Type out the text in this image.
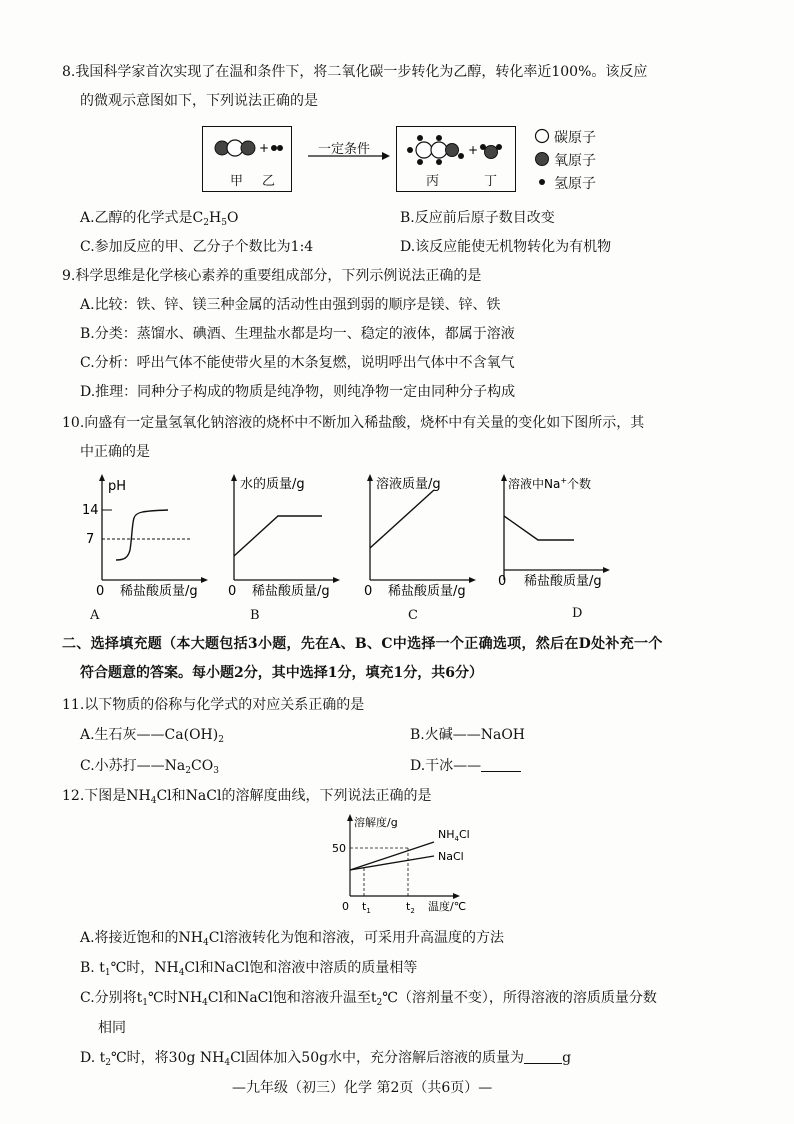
8.我国科学家首次实现了在温和条件下，将二氧化碳一步转化为乙醇，转化率近100%。该反应
的微观示意图如下，下列说法正确的是
+
甲 乙
一定条件	+
丙	丁
碳原子
氧原子
氢原子
A.乙醇的化学式是$C_2H_5O$	B.反应前后原子数目改变
C.参加反应的甲、乙分子个数比为1:4	D.该反应能使无机物转化为有机物
9.科学思维是化学核心素养的重要组成部分，下列示例说法正确的是
A.比较：铁、锌、镁三种金属的活动性由强到弱的顺序是镁、锌、铁
B.分类：蒸馏水、碘酒、生理盐水都是均一、稳定的液体，都属于溶液
C.分析：呼出气体不能使带火星的木条复燃，说明呼出气体中不含氧气
D.推理：同种分子构成的物质是纯净物，则纯净物一定由同种分子构成
10.向盛有一定量氢氧化钠溶液的烧杯中不断加入稀盐酸，烧杯中有关量的变化如下图所示，其
中正确的是
pH
14
7
0 稀盐酸质量/g
A
水的质量/g
0 稀盐酸质量/g
B
溶液质量/g
0 稀盐酸质量/g
C
溶液中Na+个数
0 稀盐酸质量/g
D
二、选择填充题（本大题包括3小题，先在A、B、C中选择一个正确选项，然后在D处补充一个
符合题意的答案。每小题2分，其中选择1分，填充1分，共6分）
11.以下物质的俗称与化学式的对应关系正确的是
A.生石灰$——Ca(OH)_2$	B.火碱——NaOH
C.小苏打$——Na_2CO_3$	D.干冰——
12.下图是$NH_4Cl$和NaCl的溶解度曲线，下列说法正确的是
溶解度/g
50
0 $t_1$	$t_2$ 温度/℃
$NH_4Cl$
NaCl
A.将接近饱和的$NH_4Cl$溶液转化为饱和溶液，可采用升高温度的方法
B. $t_1℃$时，$NH_4Cl$和NaCl饱和溶液中溶质的质量相等
C.分别将$t_1℃$时$NH_4Cl$和NaCl饱和溶液升温至$t_2℃$（溶剂量不变），所得溶液的溶质质量分数
相同
D. $t_2℃$时，将30g $NH_4Cl$固体加入50g水中，充分溶解后溶液的质量为	g
—九年级（初三）化学 第2页（共6页）—
